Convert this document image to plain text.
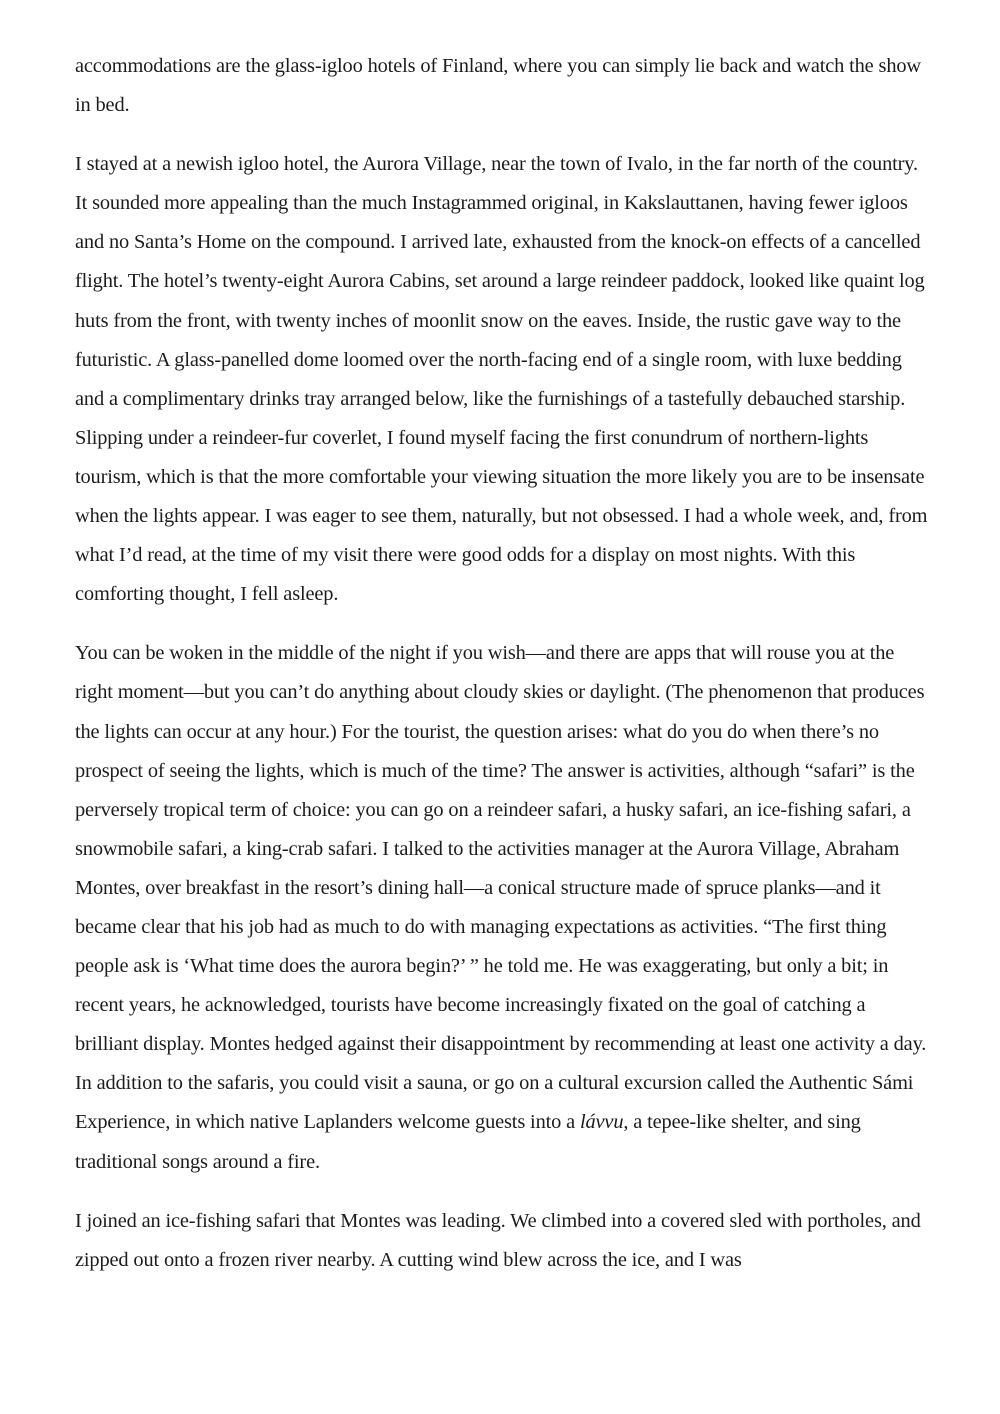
accommodations are the glass-igloo hotels of Finland, where you can simply lie back and watch the show in bed.

I stayed at a newish igloo hotel, the Aurora Village, near the town of Ivalo, in the far north of the country. It sounded more appealing than the much Instagrammed original, in Kakslauttanen, having fewer igloos and no Santa’s Home on the compound. I arrived late, exhausted from the knock-on effects of a cancelled flight. The hotel’s twenty-eight Aurora Cabins, set around a large reindeer paddock, looked like quaint log huts from the front, with twenty inches of moonlit snow on the eaves. Inside, the rustic gave way to the futuristic. A glass-panelled dome loomed over the north-facing end of a single room, with luxe bedding and a complimentary drinks tray arranged below, like the furnishings of a tastefully debauched starship. Slipping under a reindeer-fur coverlet, I found myself facing the first conundrum of northern-lights tourism, which is that the more comfortable your viewing situation the more likely you are to be insensate when the lights appear. I was eager to see them, naturally, but not obsessed. I had a whole week, and, from what I’d read, at the time of my visit there were good odds for a display on most nights. With this comforting thought, I fell asleep.

You can be woken in the middle of the night if you wish—and there are apps that will rouse you at the right moment—but you can’t do anything about cloudy skies or daylight. (The phenomenon that produces the lights can occur at any hour.) For the tourist, the question arises: what do you do when there’s no prospect of seeing the lights, which is much of the time? The answer is activities, although “safari” is the perversely tropical term of choice: you can go on a reindeer safari, a husky safari, an ice-fishing safari, a snowmobile safari, a king-crab safari. I talked to the activities manager at the Aurora Village, Abraham Montes, over breakfast in the resort’s dining hall—a conical structure made of spruce planks—and it became clear that his job had as much to do with managing expectations as activities. “The first thing people ask is ‘What time does the aurora begin?’ ” he told me. He was exaggerating, but only a bit; in recent years, he acknowledged, tourists have become increasingly fixated on the goal of catching a brilliant display. Montes hedged against their disappointment by recommending at least one activity a day. In addition to the safaris, you could visit a sauna, or go on a cultural excursion called the Authentic Sámi Experience, in which native Laplanders welcome guests into a lávvu, a tepee-like shelter, and sing traditional songs around a fire.

I joined an ice-fishing safari that Montes was leading. We climbed into a covered sled with portholes, and zipped out onto a frozen river nearby. A cutting wind blew across the ice, and I was
